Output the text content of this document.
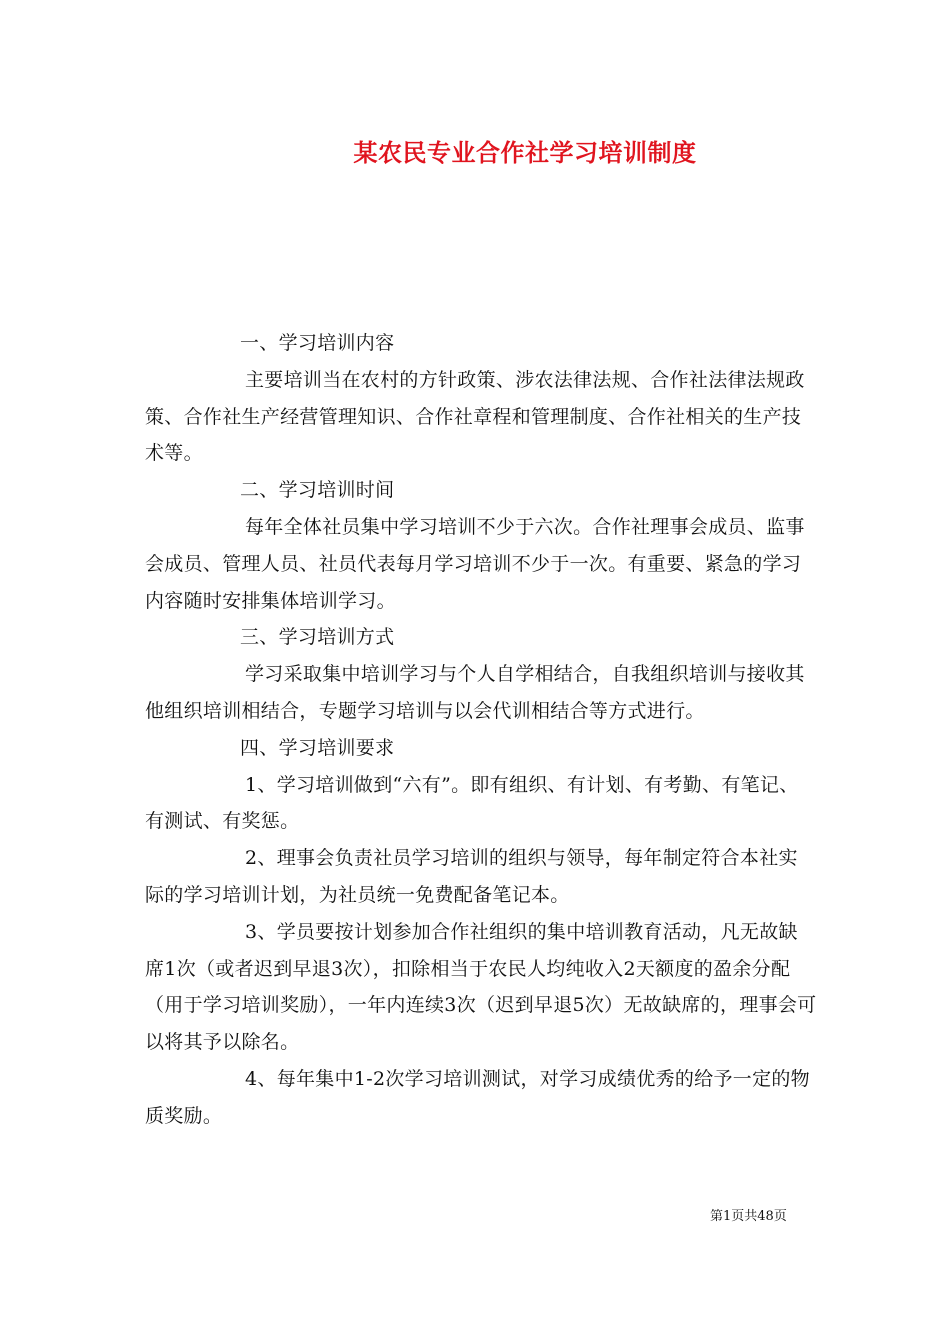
某农民专业合作社学习培训制度

一、学习培训内容

主要培训当在农村的方针政策、涉农法律法规、合作社法律法规政策、合作社生产经营管理知识、合作社章程和管理制度、合作社相关的生产技术等。

二、学习培训时间

每年全体社员集中学习培训不少于六次。合作社理事会成员、监事会成员、管理人员、社员代表每月学习培训不少于一次。有重要、紧急的学习内容随时安排集体培训学习。

三、学习培训方式

学习采取集中培训学习与个人自学相结合，自我组织培训与接收其他组织培训相结合，专题学习培训与以会代训相结合等方式进行。

四、学习培训要求

1、学习培训做到“六有”。即有组织、有计划、有考勤、有笔记、有测试、有奖惩。

2、理事会负责社员学习培训的组织与领导，每年制定符合本社实际的学习培训计划，为社员统一免费配备笔记本。

3、学员要按计划参加合作社组织的集中培训教育活动，凡无故缺席1次（或者迟到早退3次），扣除相当于农民人均纯收入2天额度的盈余分配（用于学习培训奖励），一年内连续3次（迟到早退5次）无故缺席的，理事会可以将其予以除名。

4、每年集中1-2次学习培训测试，对学习成绩优秀的给予一定的物质奖励。

第1页共48页
